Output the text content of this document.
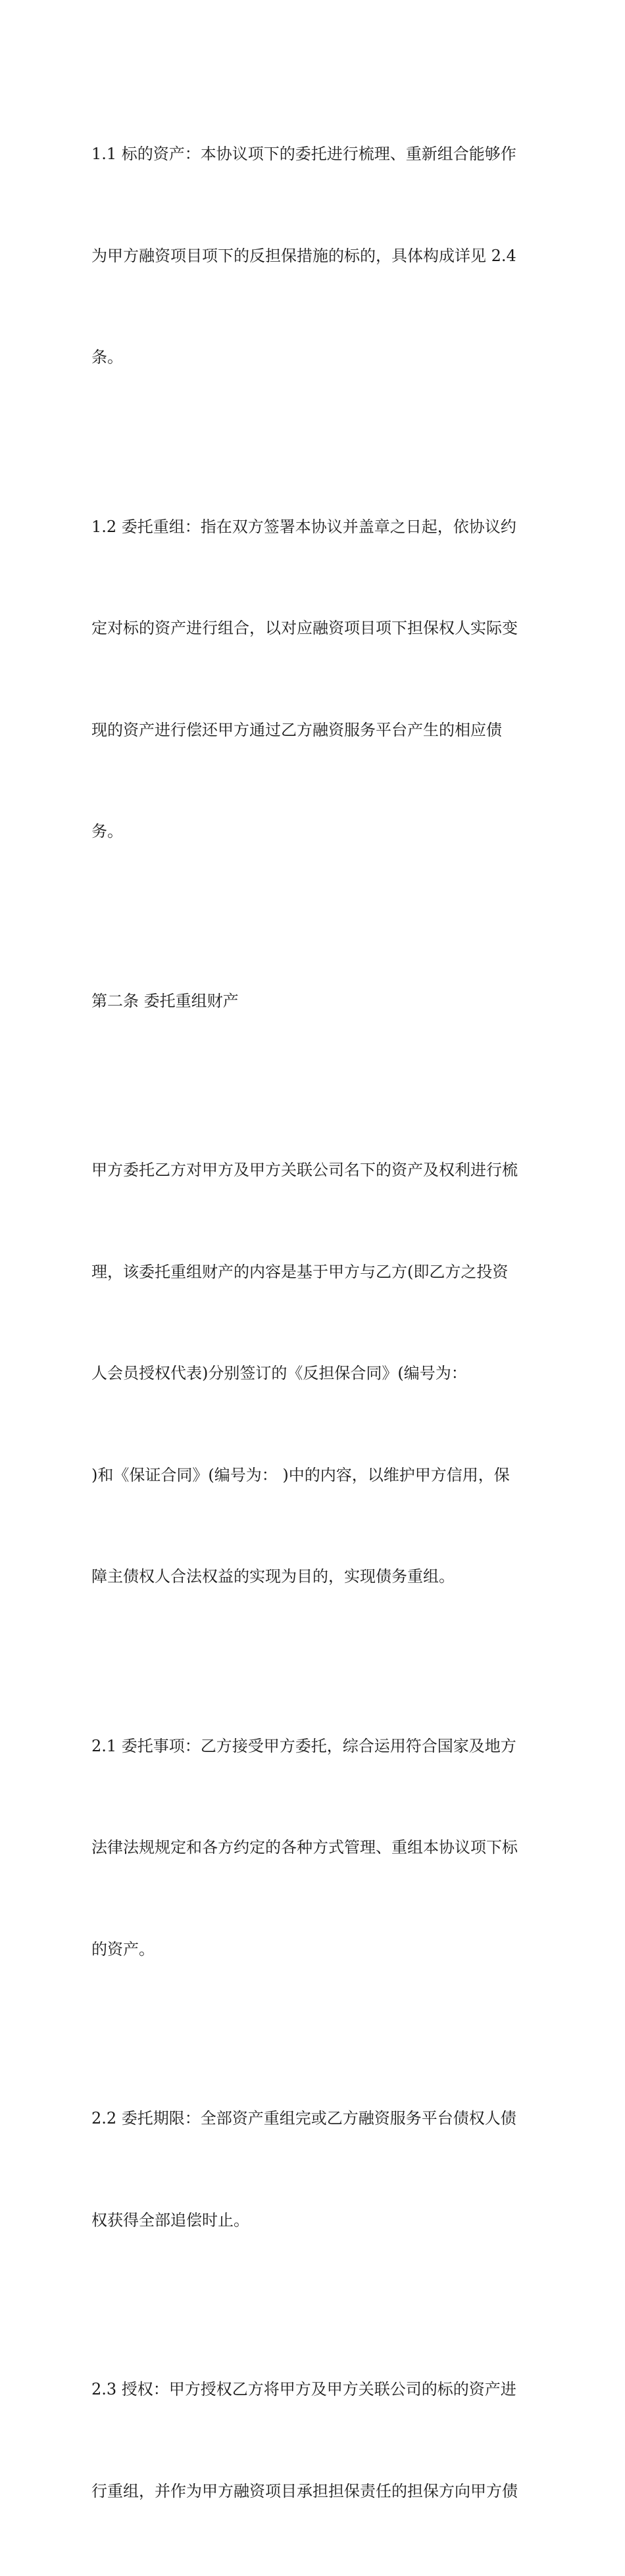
1.1 标的资产：本协议项下的委托进行梳理、重新组合能够作

为甲方融资项目项下的反担保措施的标的，具体构成详见 2.4

条。

1.2 委托重组：指在双方签署本协议并盖章之日起，依协议约

定对标的资产进行组合，以对应融资项目项下担保权人实际变

现的资产进行偿还甲方通过乙方融资服务平台产生的相应债

务。

第二条 委托重组财产

甲方委托乙方对甲方及甲方关联公司名下的资产及权利进行梳

理，该委托重组财产的内容是基于甲方与乙方(即乙方之投资

人会员授权代表)分别签订的《反担保合同》(编号为：

)和《保证合同》(编号为： )中的内容，以维护甲方信用，保

障主债权人合法权益的实现为目的，实现债务重组。

2.1 委托事项：乙方接受甲方委托，综合运用符合国家及地方

法律法规规定和各方约定的各种方式管理、重组本协议项下标

的资产。

2.2 委托期限：全部资产重组完或乙方融资服务平台债权人债

权获得全部追偿时止。

2.3 授权：甲方授权乙方将甲方及甲方关联公司的标的资产进

行重组，并作为甲方融资项目承担担保责任的担保方向甲方债
